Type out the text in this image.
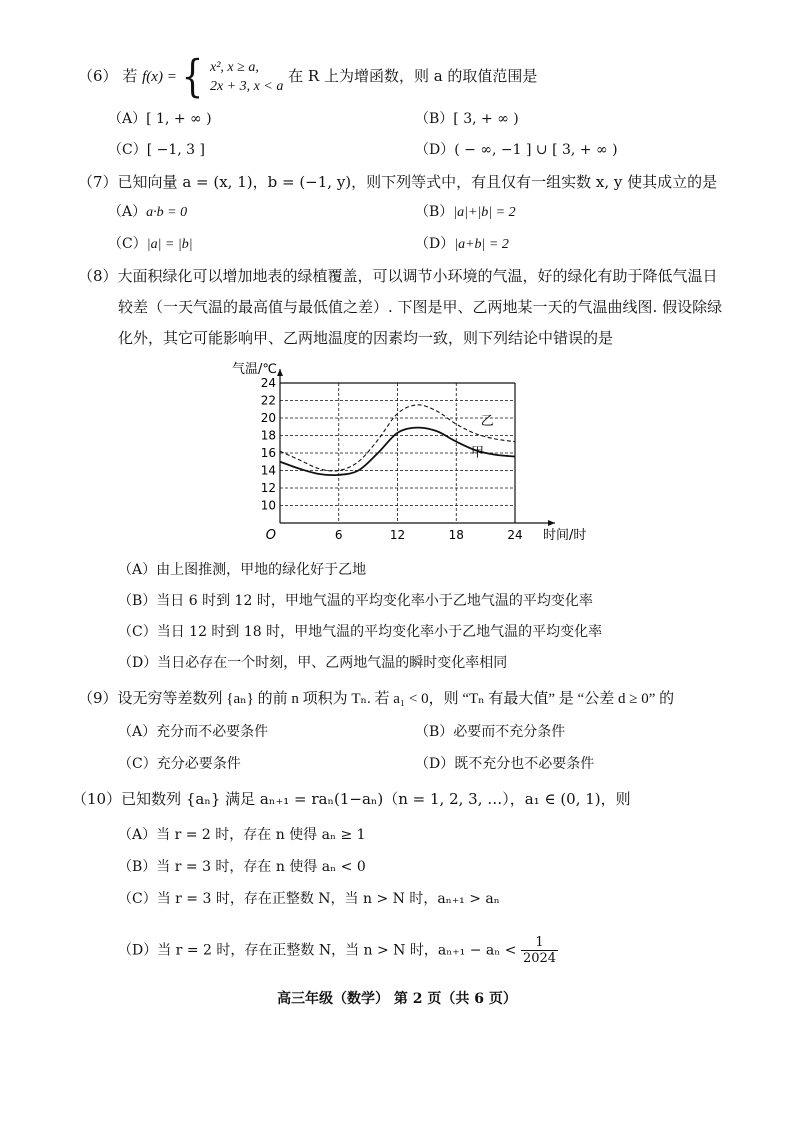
（6） 若 f(x) = { x², x ≥ a,
2x + 3, x < a
在 R 上为增函数，则 a 的取值范围是
（A）[ 1, + ∞ )	（B）[ 3, + ∞ )
（C）[ −1, 3 ]	（D）( − ∞, −1 ] ∪ [ 3, + ∞ )
（7）已知向量 a = (x, 1)，b = (−1, y)，则下列等式中，有且仅有一组实数 x, y 使其成立的是
（A）a·b = 0	（B）|a|+|b| = 2
（C）|a| = |b|	（D）|a+b| = 2
（8）大面积绿化可以增加地表的绿植覆盖，可以调节小环境的气温，好的绿化有助于降低气温日
较差（一天气温的最高值与最低值之差）. 下图是甲、乙两地某一天的气温曲线图. 假设除绿
化外，其它可能影响甲、乙两地温度的因素均一致，则下列结论中错误的是
10
12
14
16
18
20
22
24
6	12	18	24
气温/℃
时间/时
O
乙
甲
（A）由上图推测，甲地的绿化好于乙地
（B）当日 6 时到 12 时，甲地气温的平均变化率小于乙地气温的平均变化率
（C）当日 12 时到 18 时，甲地气温的平均变化率小于乙地气温的平均变化率
（D）当日必存在一个时刻，甲、乙两地气温的瞬时变化率相同
（9）设无穷等差数列 {aₙ} 的前 n 项积为 Tₙ. 若 a₁ < 0，则 “Tₙ 有最大值” 是 “公差 d ≥ 0” 的
（A）充分而不必要条件	（B）必要而不充分条件
（C）充分必要条件	（D）既不充分也不必要条件
（10）已知数列 {aₙ} 满足 aₙ₊₁ = raₙ(1−aₙ)（n = 1, 2, 3, …），a₁ ∈ (0, 1)，则
（A）当 r = 2 时，存在 n 使得 aₙ ≥ 1
（B）当 r = 3 时，存在 n 使得 aₙ < 0
（C）当 r = 3 时，存在正整数 N，当 n > N 时，aₙ₊₁ > aₙ
（D）当 r = 2 时，存在正整数 N，当 n > N 时，$a_{n+1} - a_n < \frac{1}{2024}$
高三年级（数学） 第 2 页（共 6 页）
